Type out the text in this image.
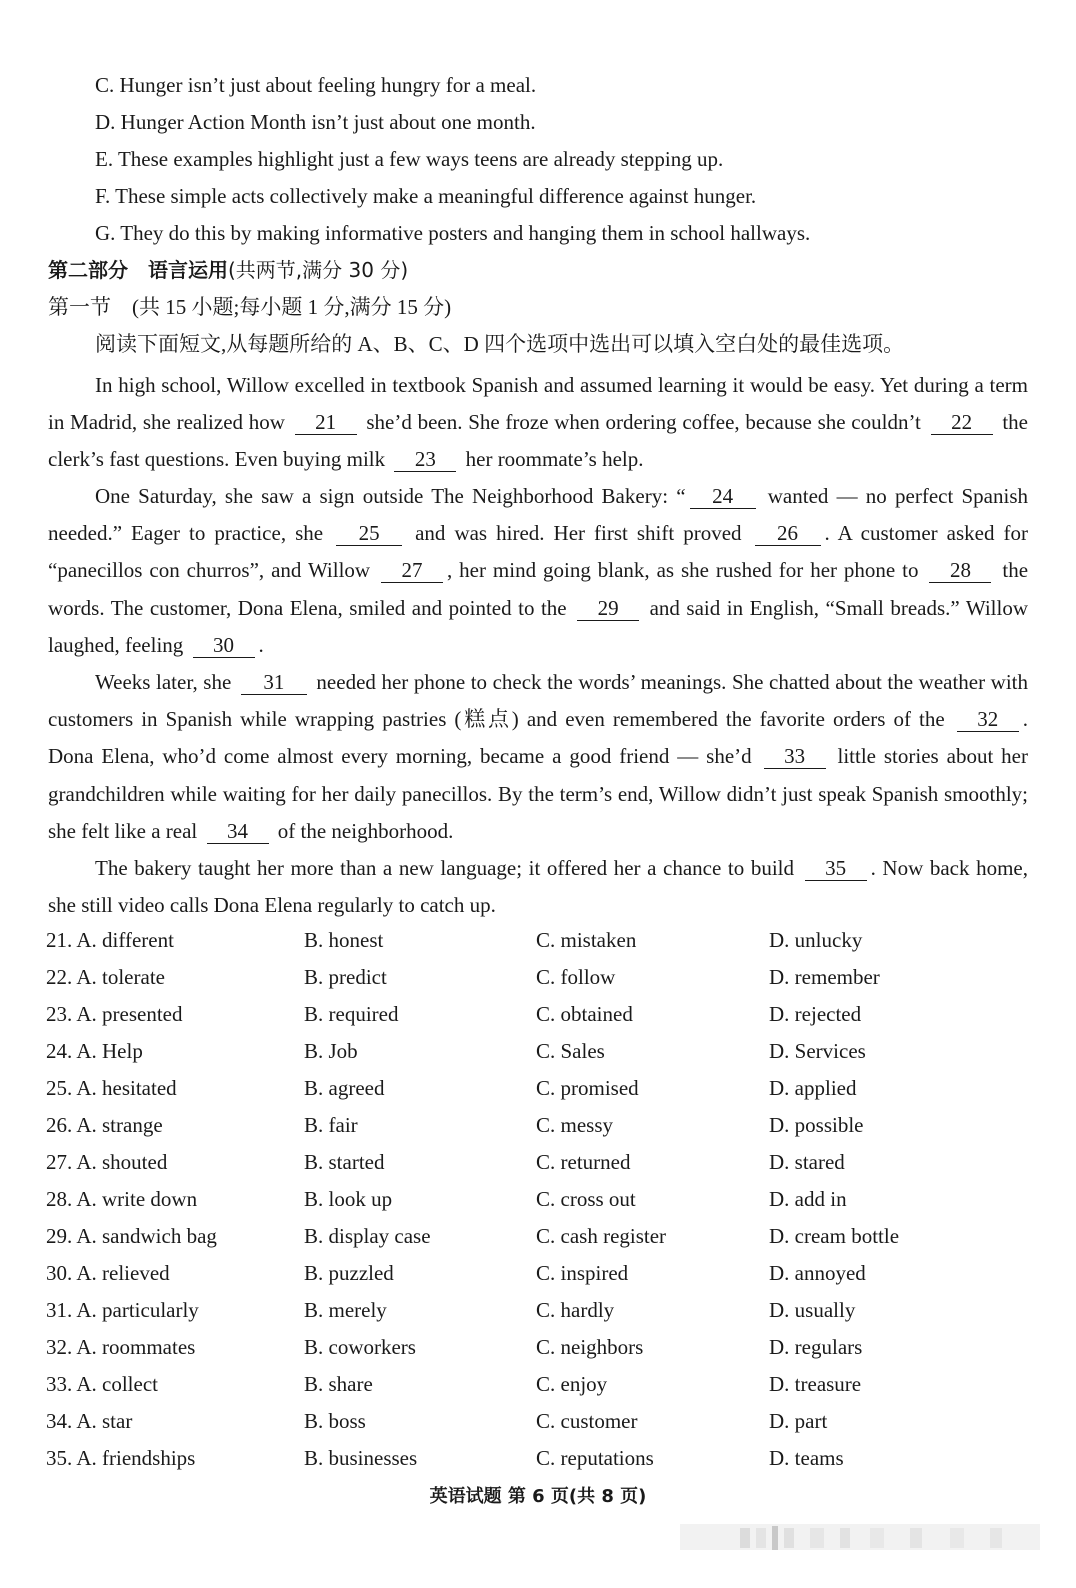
C. Hunger isn’t just about feeling hungry for a meal.
D. Hunger Action Month isn’t just about one month.
E. These examples highlight just a few ways teens are already stepping up.
F. These simple acts collectively make a meaningful difference against hunger.
G. They do this by making informative posters and hanging them in school hallways.
第二部分　语言运用(共两节,满分 30 分)
第一节　(共 15 小题;每小题 1 分,满分 15 分)
阅读下面短文,从每题所给的 A、B、C、D 四个选项中选出可以填入空白处的最佳选项。
In high school, Willow excelled in textbook Spanish and assumed learning it would be easy. Yet during a term in Madrid, she realized how 21 she’d been. She froze when ordering coffee, because she couldn’t 22 the clerk’s fast questions. Even buying milk 23 her roommate’s help.
One Saturday, she saw a sign outside The Neighborhood Bakery: “ 24 wanted — no perfect Spanish needed.” Eager to practice, she 25 and was hired. Her first shift proved 26 . A customer asked for “panecillos con churros”, and Willow 27 , her mind going blank, as she rushed for her phone to 28 the words. The customer, Dona Elena, smiled and pointed to the 29 and said in English, “Small breads.” Willow laughed, feeling 30 .
Weeks later, she 31 needed her phone to check the words’ meanings. She chatted about the weather with customers in Spanish while wrapping pastries (糕点) and even remembered the favorite orders of the 32 . Dona Elena, who’d come almost every morning, became a good friend — she’d 33 little stories about her grandchildren while waiting for her daily panecillos. By the term’s end, Willow didn’t just speak Spanish smoothly; she felt like a real 34 of the neighborhood.
The bakery taught her more than a new language; it offered her a chance to build 35 . Now back home, she still video calls Dona Elena regularly to catch up.
21. A. different	B. honest	C. mistaken	D. unlucky
22. A. tolerate	B. predict	C. follow	D. remember
23. A. presented	B. required	C. obtained	D. rejected
24. A. Help	B. Job	C. Sales	D. Services
25. A. hesitated	B. agreed	C. promised	D. applied
26. A. strange	B. fair	C. messy	D. possible
27. A. shouted	B. started	C. returned	D. stared
28. A. write down	B. look up	C. cross out	D. add in
29. A. sandwich bag	B. display case	C. cash register	D. cream bottle
30. A. relieved	B. puzzled	C. inspired	D. annoyed
31. A. particularly	B. merely	C. hardly	D. usually
32. A. roommates	B. coworkers	C. neighbors	D. regulars
33. A. collect	B. share	C. enjoy	D. treasure
34. A. star	B. boss	C. customer	D. part
35. A. friendships	B. businesses	C. reputations	D. teams
英语试题 第 6 页(共 8 页)
